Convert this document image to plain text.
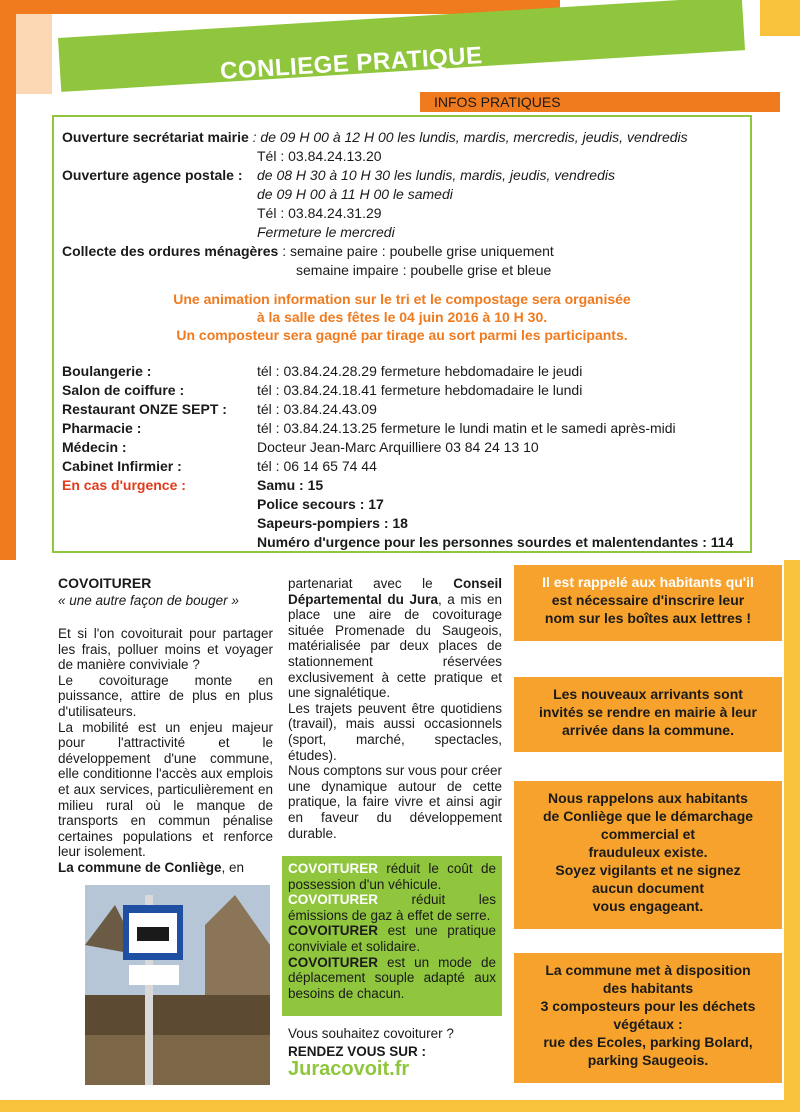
CONLIEGE PRATIQUE
INFOS PRATIQUES
Ouverture secrétariat mairie : de 09 H 00 à 12 H 00 les lundis, mardis, mercredis, jeudis, vendredis
Tél : 03.84.24.13.20
Ouverture agence postale : de 08 H 30 à 10 H 30 les lundis, mardis, jeudis, vendredis
de 09 H 00 à 11 H 00 le samedi
Tél : 03.84.24.31.29
Fermeture le mercredi
Collecte des ordures ménagères : semaine paire : poubelle grise uniquement
semaine impaire : poubelle grise et bleue
Une animation information sur le tri et le compostage sera organisée
à la salle des fêtes le 04 juin 2016 à 10 H 30.
Un composteur sera gagné par tirage au sort parmi les participants.
Boulangerie :	tél : 03.84.24.28.29 fermeture hebdomadaire le jeudi
Salon de coiffure :	tél : 03.84.24.18.41 fermeture hebdomadaire le lundi
Restaurant ONZE SEPT : tél : 03.84.24.43.09
Pharmacie :	tél : 03.84.24.13.25 fermeture le lundi matin et le samedi après-midi
Médecin :	Docteur Jean-Marc Arquilliere 03 84 24 13 10
Cabinet Infirmier :	tél : 06 14 65 74 44
En cas d'urgence :	Samu : 15
Police secours : 17
Sapeurs-pompiers : 18
Numéro d'urgence pour les personnes sourdes et malentendantes : 114
COVOITURER
« une autre façon de bouger »

Et si l'on covoiturait pour partager les frais, polluer moins et voyager de manière conviviale ?

Le covoiturage monte en puissance, attire de plus en plus d'utilisateurs.

La mobilité est un enjeu majeur pour l'attractivité et le développement d'une commune, elle conditionne l'accès aux emplois et aux services, particulièrement en milieu rural où le manque de transports en commun pénalise certaines populations et renforce leur isolement.

La commune de Conliège, en

partenariat avec le Conseil Départemental du Jura, a mis en place une aire de covoiturage située Promenade du Saugeois, matérialisée par deux places de stationnement réservées exclusivement à cette pratique et une signalétique.

Les trajets peuvent être quotidiens (travail), mais aussi occasionnels (sport, marché, spectacles, études).

Nous comptons sur vous pour créer une dynamique autour de cette pratique, la faire vivre et ainsi agir en faveur du développement durable.

COVOITURER réduit le coût de possession d'un véhicule.
COVOITURER réduit les émissions de gaz à effet de serre.
COVOITURER est une pratique conviviale et solidaire.
COVOITURER est un mode de déplacement souple adapté aux besoins de chacun.
Vous souhaitez covoiturer ?
RENDEZ VOUS SUR :
Juracovoit.fr
Il est rappelé aux habitants qu'il
est nécessaire d'inscrire leur
nom sur les boîtes aux lettres !
Les nouveaux arrivants sont
invités se rendre en mairie à leur
arrivée dans la commune.
Nous rappelons aux habitants
de Conliège que le démarchage
commercial et
frauduleux existe.
Soyez vigilants et ne signez
aucun document
vous engageant.
La commune met à disposition
des habitants
3 composteurs pour les déchets
végétaux :
rue des Ecoles, parking Bolard,
parking Saugeois.
